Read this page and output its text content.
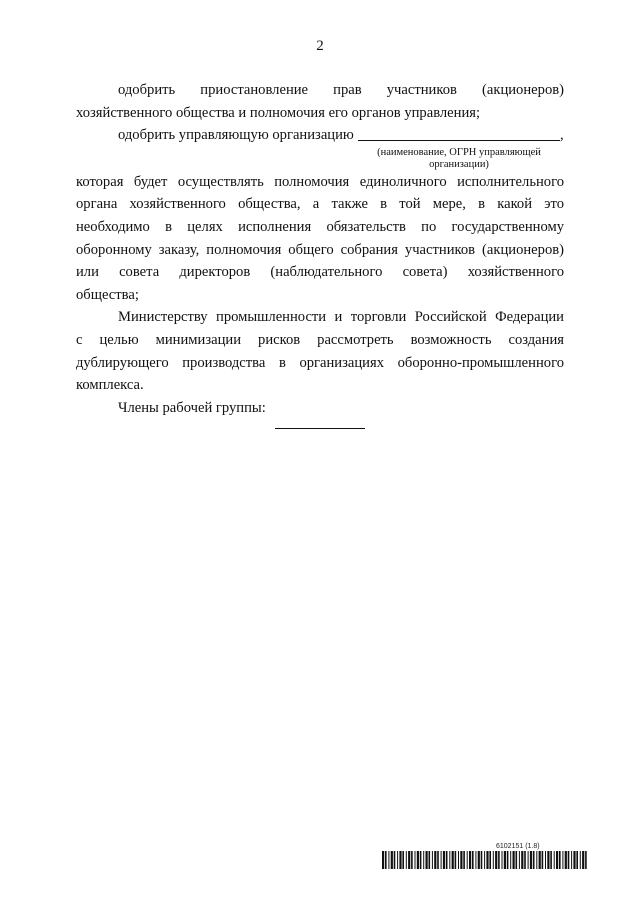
2

одобрить приостановление прав участников (акционеров)
хозяйственного общества и полномочия его органов управления;

одобрить управляющую организацию	,
(наименование, ОГРН управляющей
организации)

которая будет осуществлять полномочия единоличного исполнительного
органа хозяйственного общества, а также в той мере, в какой это
необходимо в целях исполнения обязательств по государственному
оборонному заказу, полномочия общего собрания участников (акционеров)
или совета директоров (наблюдательного совета) хозяйственного
общества;

Министерству промышленности и торговли Российской Федерации
с целью минимизации рисков рассмотреть возможность создания
дублирующего производства в организациях оборонно-промышленного
комплекса.

Члены рабочей группы:

6102151 (1.8)
